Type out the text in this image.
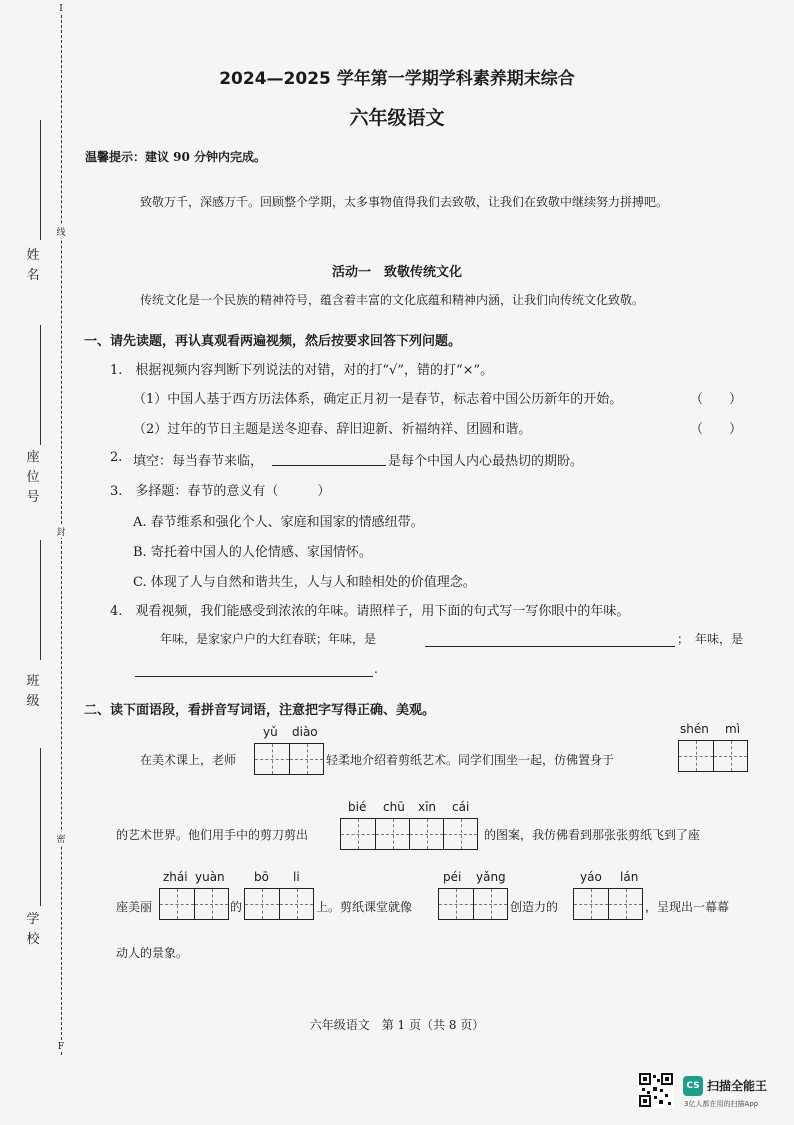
I
线
封
密
F
姓名
座位号
班级
学校
2024—2025 学年第一学期学科素养期末综合
六年级语文
温馨提示：建议 90 分钟内完成。
致敬万千，深感万千。回顾整个学期，太多事物值得我们去致敬，让我们在致敬中继续努力拼搏吧。
活动一　致敬传统文化
传统文化是一个民族的精神符号，蕴含着丰富的文化底蕴和精神内涵，让我们向传统文化致敬。
一、请先读题，再认真观看两遍视频，然后按要求回答下列问题。
1.　根据视频内容判断下列说法的对错，对的打“√”，错的打“×”。
（1）中国人基于西方历法体系，确定正月初一是春节，标志着中国公历新年的开始。	（　　）
（2）过年的节日主题是送冬迎春、辞旧迎新、祈福纳祥、团圆和谐。	（　　）
2. 填空：每当春节来临，	是每个中国人内心最热切的期盼。
3.　多择题：春节的意义有（　　　）
A. 春节维系和强化个人、家庭和国家的情感纽带。
B. 寄托着中国人的人伦情感、家国情怀。
C. 体现了人与自然和谐共生，人与人和睦相处的价值理念。
4.　观看视频，我们能感受到浓浓的年味。请照样子，用下面的句式写一写你眼中的年味。
年味，是家家户户的大红春联；年味，是	；　年味，是
.
二、读下面语段，看拼音写词语，注意把字写得正确、美观。
yǔ diào
在美术课上，老师	轻柔地介绍着剪纸艺术。同学们围坐一起，仿佛置身于
shén mì
bié chū xīn cái
的艺术世界。他们用手中的剪刀剪出	的图案，我仿佛看到那张张剪纸飞到了座
zhái yuàn
座美丽	的
bō li
上。剪纸课堂就像
péi yǎng
创造力的
yáo lán
，呈现出一幕幕
动人的景象。
六年级语文　第 1 页（共 8 页）
CS 扫描全能王
3亿人都在用的扫描App
